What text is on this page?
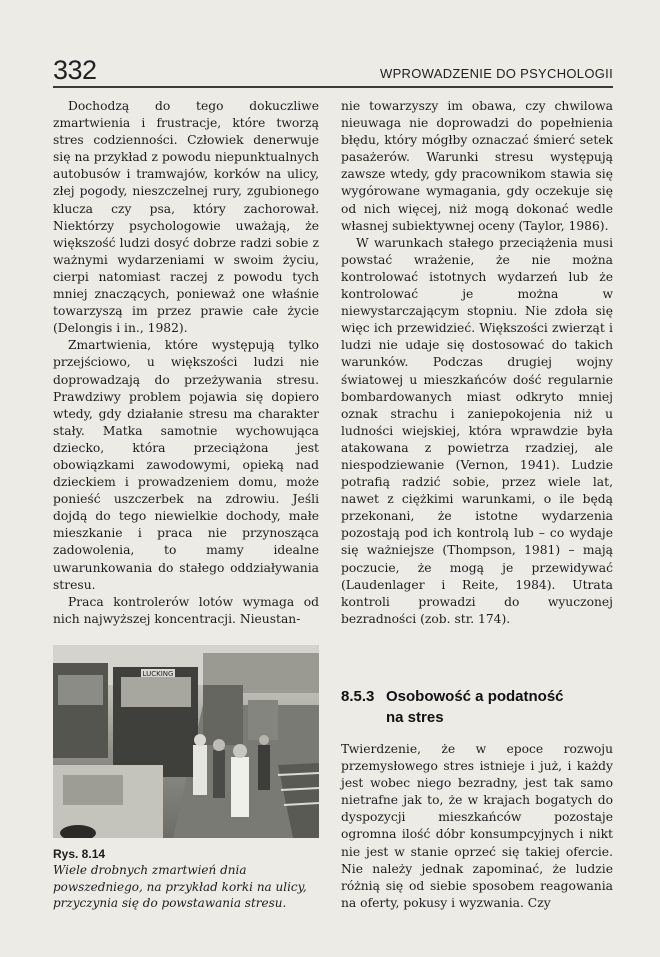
332	WPROWADZENIE DO PSYCHOLOGII

Dochodzą do tego dokuczliwe zmartwienia i frustracje, które tworzą stres codzienności. Człowiek denerwuje się na przykład z powodu niepunktualnych autobusów i tramwajów, korków na ulicy, złej pogody, nieszczelnej rury, zgubionego klucza czy psa, który zachorował. Niektórzy psychologowie uważają, że większość ludzi dosyć dobrze radzi sobie z ważnymi wydarzeniami w swoim życiu, cierpi natomiast raczej z powodu tych mniej znaczących, ponieważ one właśnie towarzyszą im przez prawie całe życie (Delongis i in., 1982).

Zmartwienia, które występują tylko przejściowo, u większości ludzi nie doprowadzają do przeżywania stresu. Prawdziwy problem pojawia się dopiero wtedy, gdy działanie stresu ma charakter stały. Matka samotnie wychowująca dziecko, która przeciążona jest obowiązkami zawodowymi, opieką nad dzieckiem i prowadzeniem domu, może ponieść uszczerbek na zdrowiu. Jeśli dojdą do tego niewielkie dochody, małe mieszkanie i praca nie przynosząca zadowolenia, to mamy idealne uwarunkowania do stałego oddziaływania stresu.

Praca kontrolerów lotów wymaga od nich najwyższej koncentracji. Nieustan-

LUCKING
Rys. 8.14
Wiele drobnych zmartwień dnia powszedniego, na przykład korki na ulicy, przyczynia się do powstawania stresu.

nie towarzyszy im obawa, czy chwilowa nieuwaga nie doprowadzi do popełnienia błędu, który mógłby oznaczać śmierć setek pasażerów. Warunki stresu występują zawsze wtedy, gdy pracownikom stawia się wygórowane wymagania, gdy oczekuje się od nich więcej, niż mogą dokonać wedle własnej subiektywnej oceny (Taylor, 1986).

W warunkach stałego przeciążenia musi powstać wrażenie, że nie można kontrolować istotnych wydarzeń lub że kontrolować je można w niewystarczającym stopniu. Nie zdoła się więc ich przewidzieć. Większości zwierząt i ludzi nie udaje się dostosować do takich warunków. Podczas drugiej wojny światowej u mieszkańców dość regularnie bombardowanych miast odkryto mniej oznak strachu i zaniepokojenia niż u ludności wiejskiej, która wprawdzie była atakowana z powietrza rzadziej, ale niespodziewanie (Vernon, 1941). Ludzie potrafią radzić sobie, przez wiele lat, nawet z ciężkimi warunkami, o ile będą przekonani, że istotne wydarzenia pozostają pod ich kontrolą lub – co wydaje się ważniejsze (Thompson, 1981) – mają poczucie, że mogą je przewidywać (Laudenlager i Reite, 1984). Utrata kontroli prowadzi do wyuczonej bezradności (zob. str. 174).

8.5.3 Osobowość a podatność
na stres

Twierdzenie, że w epoce rozwoju przemysłowego stres istnieje i już, i każdy jest wobec niego bezradny, jest tak samo nietrafne jak to, że w krajach bogatych do dyspozycji mieszkańców pozostaje ogromna ilość dóbr konsumpcyjnych i nikt nie jest w stanie oprzeć się takiej ofercie. Nie należy jednak zapominać, że ludzie różnią się od siebie sposobem reagowania na oferty, pokusy i wyzwania. Czy
